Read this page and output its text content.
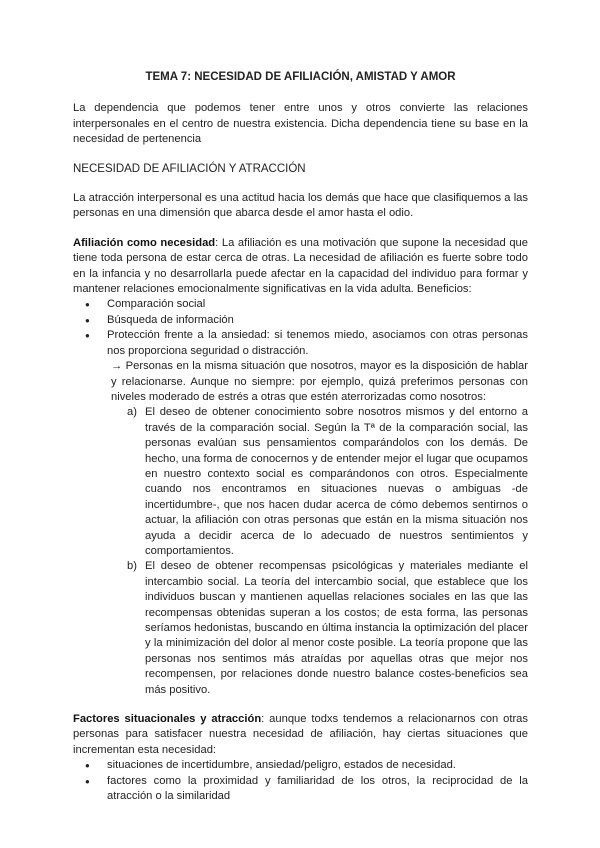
TEMA 7: NECESIDAD DE AFILIACIÓN, AMISTAD Y AMOR

La dependencia que podemos tener entre unos y otros convierte las relaciones interpersonales en el centro de nuestra existencia. Dicha dependencia tiene su base en la necesidad de pertenencia

NECESIDAD DE AFILIACIÓN Y ATRACCIÓN

La atracción interpersonal es una actitud hacia los demás que hace que clasifiquemos a las personas en una dimensión que abarca desde el amor hasta el odio.

Afiliación como necesidad: La afiliación es una motivación que supone la necesidad que tiene toda persona de estar cerca de otras. La necesidad de afiliación es fuerte sobre todo en la infancia y no desarrollarla puede afectar en la capacidad del individuo para formar y mantener relaciones emocionalmente significativas en la vida adulta. Beneficios:

● Comparación social
● Búsqueda de información
● Protección frente a la ansiedad: si tenemos miedo, asociamos con otras personas nos proporciona seguridad o distracción.

→ Personas en la misma situación que nosotros, mayor es la disposición de hablar y relacionarse. Aunque no siempre: por ejemplo, quizá preferimos personas con niveles moderado de estrés a otras que estén aterrorizadas como nosotros:

a) El deseo de obtener conocimiento sobre nosotros mismos y del entorno a través de la comparación social. Según la Tª de la comparación social, las personas evalúan sus pensamientos comparándolos con los demás. De hecho, una forma de conocernos y de entender mejor el lugar que ocupamos en nuestro contexto social es comparándonos con otros. Especialmente cuando nos encontramos en situaciones nuevas o ambiguas -de incertidumbre-, que nos hacen dudar acerca de cómo debemos sentirnos o actuar, la afiliación con otras personas que están en la misma situación nos ayuda a decidir acerca de lo adecuado de nuestros sentimientos y comportamientos.
b) El deseo de obtener recompensas psicológicas y materiales mediante el intercambio social. La teoría del intercambio social, que establece que los individuos buscan y mantienen aquellas relaciones sociales en las que las recompensas obtenidas superan a los costos; de esta forma, las personas seríamos hedonistas, buscando en última instancia la optimización del placer y la minimización del dolor al menor coste posible. La teoría propone que las personas nos sentimos más atraídas por aquellas otras que mejor nos recompensen, por relaciones donde nuestro balance costes-beneficios sea más positivo.

Factores situacionales y atracción: aunque todxs tendemos a relacionarnos con otras personas para satisfacer nuestra necesidad de afiliación, hay ciertas situaciones que incrementan esta necesidad:

● situaciones de incertidumbre, ansiedad/peligro, estados de necesidad.
● factores como la proximidad y familiaridad de los otros, la reciprocidad de la atracción o la similaridad
